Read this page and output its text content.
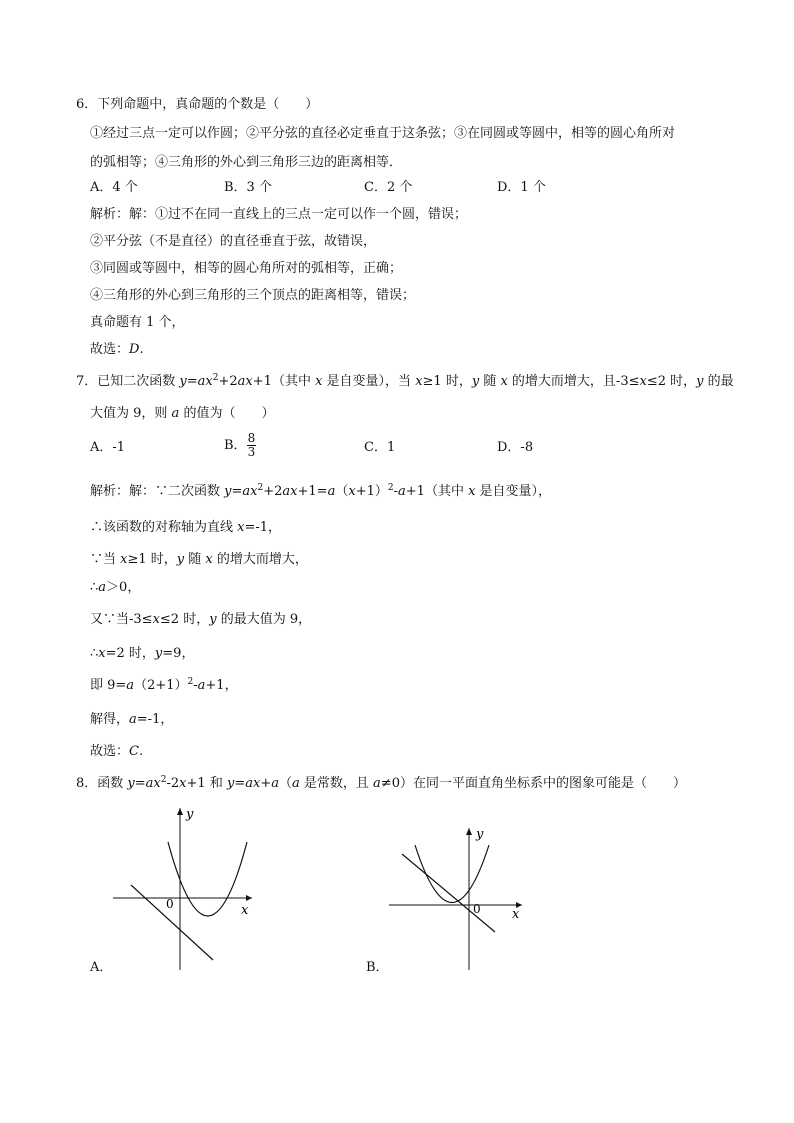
6．下列命题中，真命题的个数是（　　）
①经过三点一定可以作圆；②平分弦的直径必定垂直于这条弦；③在同圆或等圆中，相等的圆心角所对
的弧相等；④三角形的外心到三角形三边的距离相等．
A．4 个	B．3 个	C．2 个	D．1 个
解析：解：①过不在同一直线上的三点一定可以作一个圆，错误；
②平分弦（不是直径）的直径垂直于弦，故错误，
③同圆或等圆中，相等的圆心角所对的弧相等，正确；
④三角形的外心到三角形的三个顶点的距离相等，错误；
真命题有 1 个，
故选：D.
7．已知二次函数 $y=ax^2+2ax+1$（其中 x 是自变量），当 x≥1 时，y 随 x 的增大而增大，且-3≤x≤2 时，y 的最
大值为 9，则 a 的值为（　　）
A．-1	B． $\frac{8}{3}$	C．1	D．-8
解析：解：∵二次函数 $y=ax^2+2ax+1=a(x+1)^2-a+1$（其中 x 是自变量），
∴该函数的对称轴为直线 x=-1，
∵当 x≥1 时，y 随 x 的增大而增大，
∴a＞0，
又∵当-3≤x≤2 时，y 的最大值为 9，
∴x=2 时，y=9，
即 $9=a(2+1)^2-a+1$，
解得，a=-1，
故选：C.
8．函数 $y=ax^2-2x+1$ 和 y=ax+a（a 是常数，且 a≠0）在同一平面直角坐标系中的图象可能是（　　）
0	x
y
A．
0 x
y
B．
